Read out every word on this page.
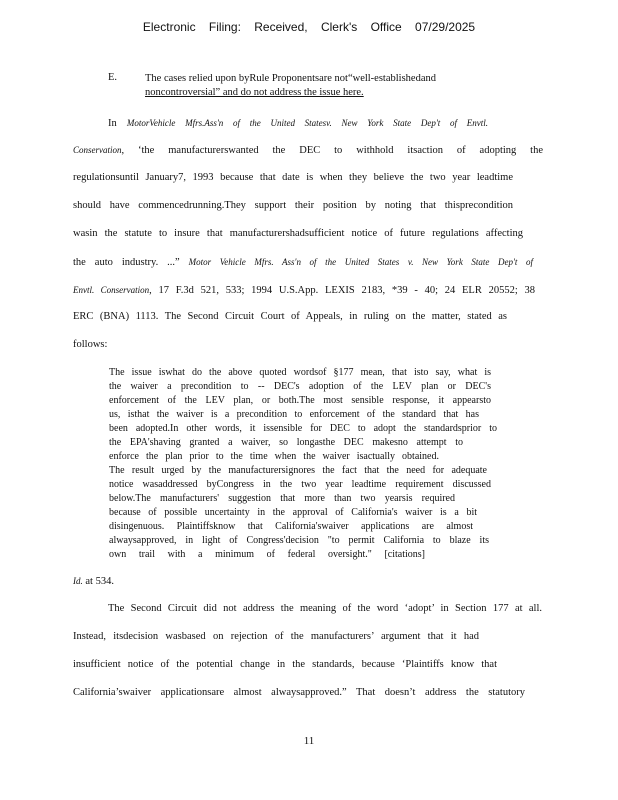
Electronic Filing: Received, Clerk's Office 07/29/2025
E.	The cases relied upon byRule Proponentsare not“well-establishedand
noncontroversial” and do not address the issue here.
In MotorVehicle Mfrs.Ass'n of the United Statesv. New York State Dep't of Envtl.
Conservation, ‘the manufacturerswanted the DEC to withhold itsaction of adopting the
regulationsuntil January7, 1993 because that date is when they believe the two year leadtime
should have commencedrunning.They support their position by noting that thisprecondition
wasin the statute to insure that manufacturershadsufficient notice of future regulations affecting
the auto industry. ...” Motor Vehicle Mfrs. Ass'n of the United States v. New York State Dep't of
Envtl. Conservation, 17 F.3d 521, 533; 1994 U.S.App. LEXIS 2183, *39 - 40; 24 ELR 20552; 38
ERC (BNA) 1113. The Second Circuit Court of Appeals, in ruling on the matter, stated as
follows:
The issue iswhat do the above quoted wordsof §177 mean, that isto say, what is
the waiver a precondition to -- DEC's adoption of the LEV plan or DEC's
enforcement of the LEV plan, or both.The most sensible response, it appearsto
us, isthat the waiver is a precondition to enforcement of the standard that has
been adopted.In other words, it issensible for DEC to adopt the standardsprior to
the EPA'shaving granted a waiver, so longasthe DEC makesno attempt to
enforce the plan prior to the time when the waiver isactually obtained.
The result urged by the manufacturersignores the fact that the need for adequate
notice wasaddressed byCongress in the two year leadtime requirement discussed
below.The manufacturers' suggestion that more than two yearsis required
because of possible uncertainty in the approval of California's waiver is a bit
disingenuous. Plaintiffsknow that California'swaiver applications are almost
alwaysapproved, in light of Congress'decision "to permit California to blaze its
own trail with a minimum of federal oversight." [citations]
Id. at 534.
The Second Circuit did not address the meaning of the word ‘adopt’ in Section 177 at all.
Instead, itsdecision wasbased on rejection of the manufacturers’ argument that it had
insufficient notice of the potential change in the standards, because ‘Plaintiffs know that
California’swaiver applicationsare almost alwaysapproved.” That doesn’t address the statutory
11
